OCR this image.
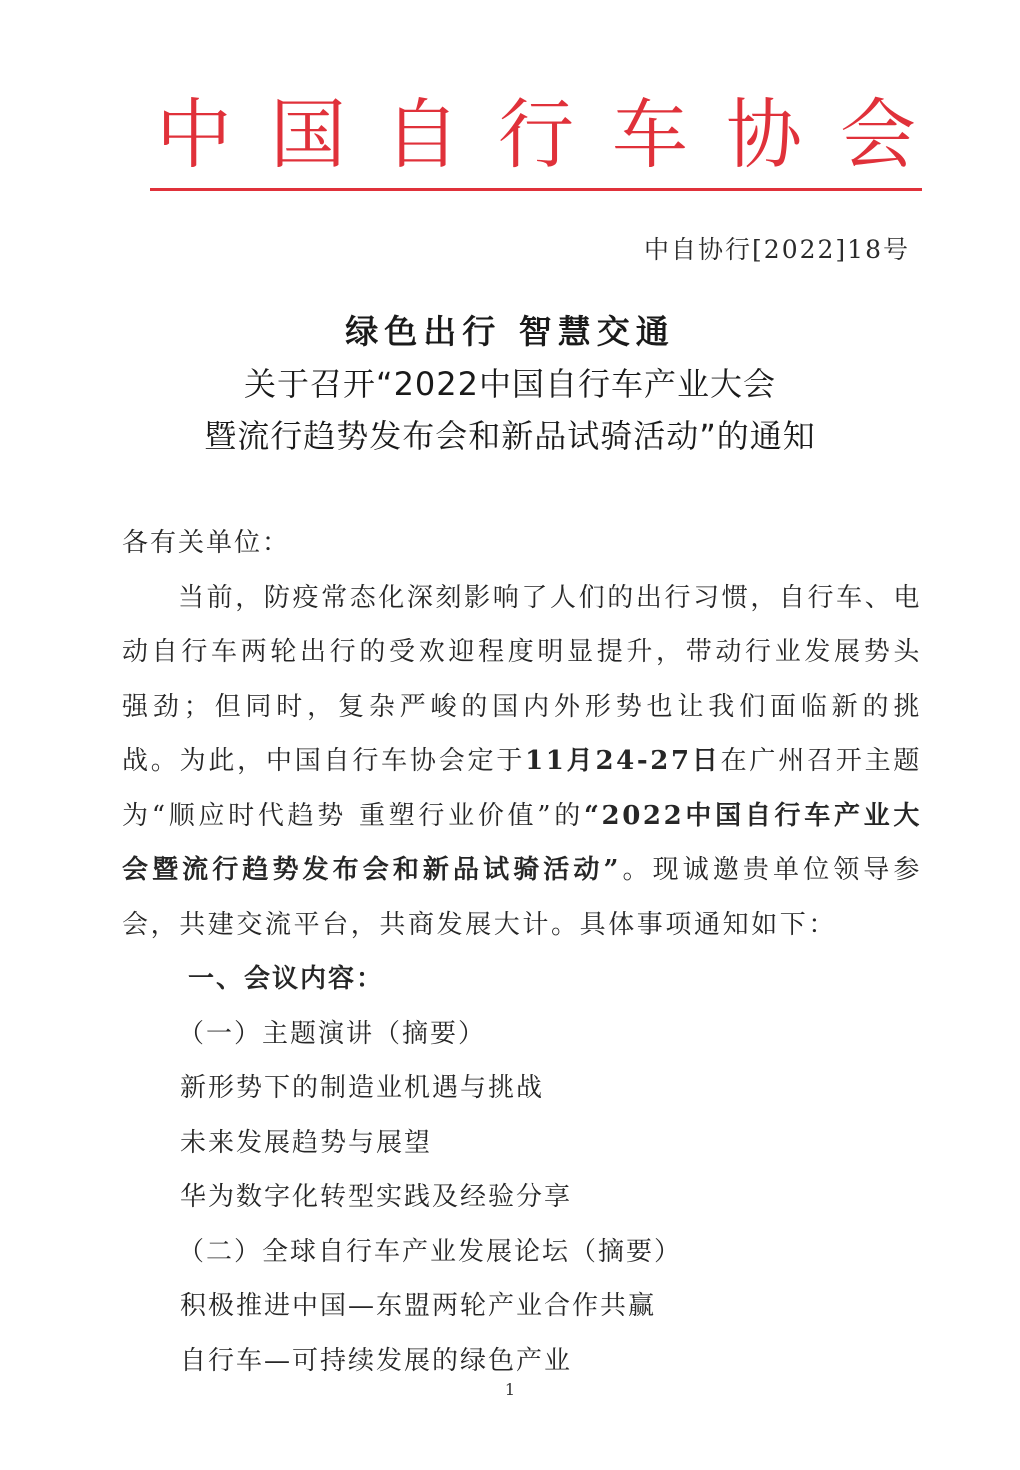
中 国 自 行 车 协 会
中自协行[2022]18号
绿色出行 智慧交通
关于召开“2022中国自行车产业大会
暨流行趋势发布会和新品试骑活动”的通知
各有关单位：
当前，防疫常态化深刻影响了人们的出行习惯，自行车、电动自行车两轮出行的受欢迎程度明显提升，带动行业发展势头强劲；但同时，复杂严峻的国内外形势也让我们面临新的挑战。为此，中国自行车协会定于11月24-27日在广州召开主题为“顺应时代趋势 重塑行业价值”的“2022中国自行车产业大会暨流行趋势发布会和新品试骑活动”。现诚邀贵单位领导参会，共建交流平台，共商发展大计。具体事项通知如下：
一、会议内容：
（一）主题演讲（摘要）
新形势下的制造业机遇与挑战
未来发展趋势与展望
华为数字化转型实践及经验分享
（二）全球自行车产业发展论坛（摘要）
积极推进中国—东盟两轮产业合作共赢
自行车—可持续发展的绿色产业
1
